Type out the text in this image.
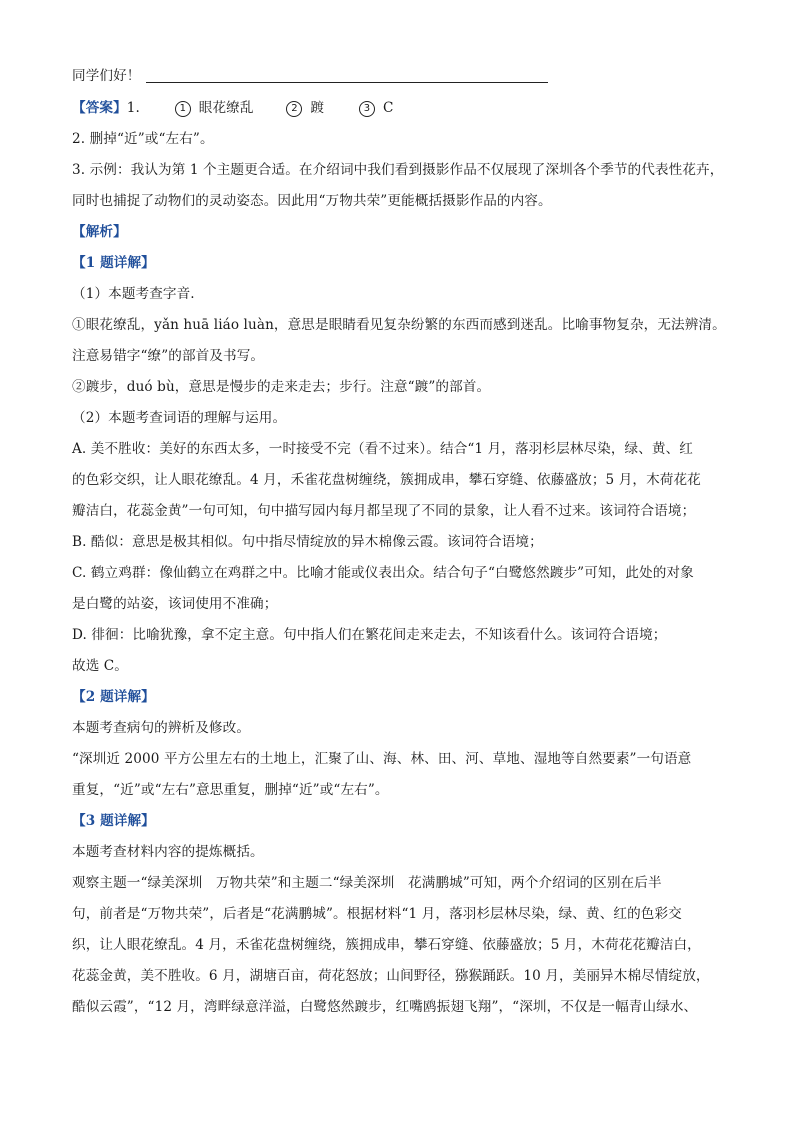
同学们好！
【答案】1.	1 眼花缭乱	2 踱	3 C
2. 删掉“近”或“左右”。
3. 示例：我认为第 1 个主题更合适。在介绍词中我们看到摄影作品不仅展现了深圳各个季节的代表性花卉，
同时也捕捉了动物们的灵动姿态。因此用“万物共荣”更能概括摄影作品的内容。
【解析】
【1 题详解】
（1）本题考查字音.
①眼花缭乱，yǎn huā liáo luàn，意思是眼睛看见复杂纷繁的东西而感到迷乱。比喻事物复杂，无法辨清。
注意易错字“缭”的部首及书写。
②踱步，duó bù，意思是慢步的走来走去；步行。注意“踱”的部首。
（2）本题考查词语的理解与运用。
A. 美不胜收：美好的东西太多，一时接受不完（看不过来）。结合“1 月，落羽杉层林尽染，绿、黄、红
的色彩交织，让人眼花缭乱。4 月，禾雀花盘树缠绕，簇拥成串，攀石穿缝、依藤盛放；5 月，木荷花花
瓣洁白，花蕊金黄”一句可知，句中描写园内每月都呈现了不同的景象，让人看不过来。该词符合语境；
B. 酷似：意思是极其相似。句中指尽情绽放的异木棉像云霞。该词符合语境；
C. 鹤立鸡群：像仙鹤立在鸡群之中。比喻才能或仪表出众。结合句子“白鹭悠然踱步”可知，此处的对象
是白鹭的站姿，该词使用不准确；
D. 徘徊：比喻犹豫，拿不定主意。句中指人们在繁花间走来走去，不知该看什么。该词符合语境；
故选 C。
【2 题详解】
本题考查病句的辨析及修改。
“深圳近 2000 平方公里左右的土地上，汇聚了山、海、林、田、河、草地、湿地等自然要素”一句语意
重复，“近”或“左右”意思重复，删掉“近”或“左右”。
【3 题详解】
本题考查材料内容的提炼概括。
观察主题一“绿美深圳　万物共荣”和主题二“绿美深圳　花满鹏城”可知，两个介绍词的区别在后半
句，前者是“万物共荣”，后者是“花满鹏城”。根据材料“1 月，落羽杉层林尽染，绿、黄、红的色彩交
织，让人眼花缭乱。4 月，禾雀花盘树缠绕，簇拥成串，攀石穿缝、依藤盛放；5 月，木荷花花瓣洁白，
花蕊金黄，美不胜收。6 月，湖塘百亩，荷花怒放；山间野径，猕猴踊跃。10 月，美丽异木棉尽情绽放，
酷似云霞”，“12 月，湾畔绿意洋溢，白鹭悠然踱步，红嘴鸥振翅飞翔”，“深圳，不仅是一幅青山绿水、
